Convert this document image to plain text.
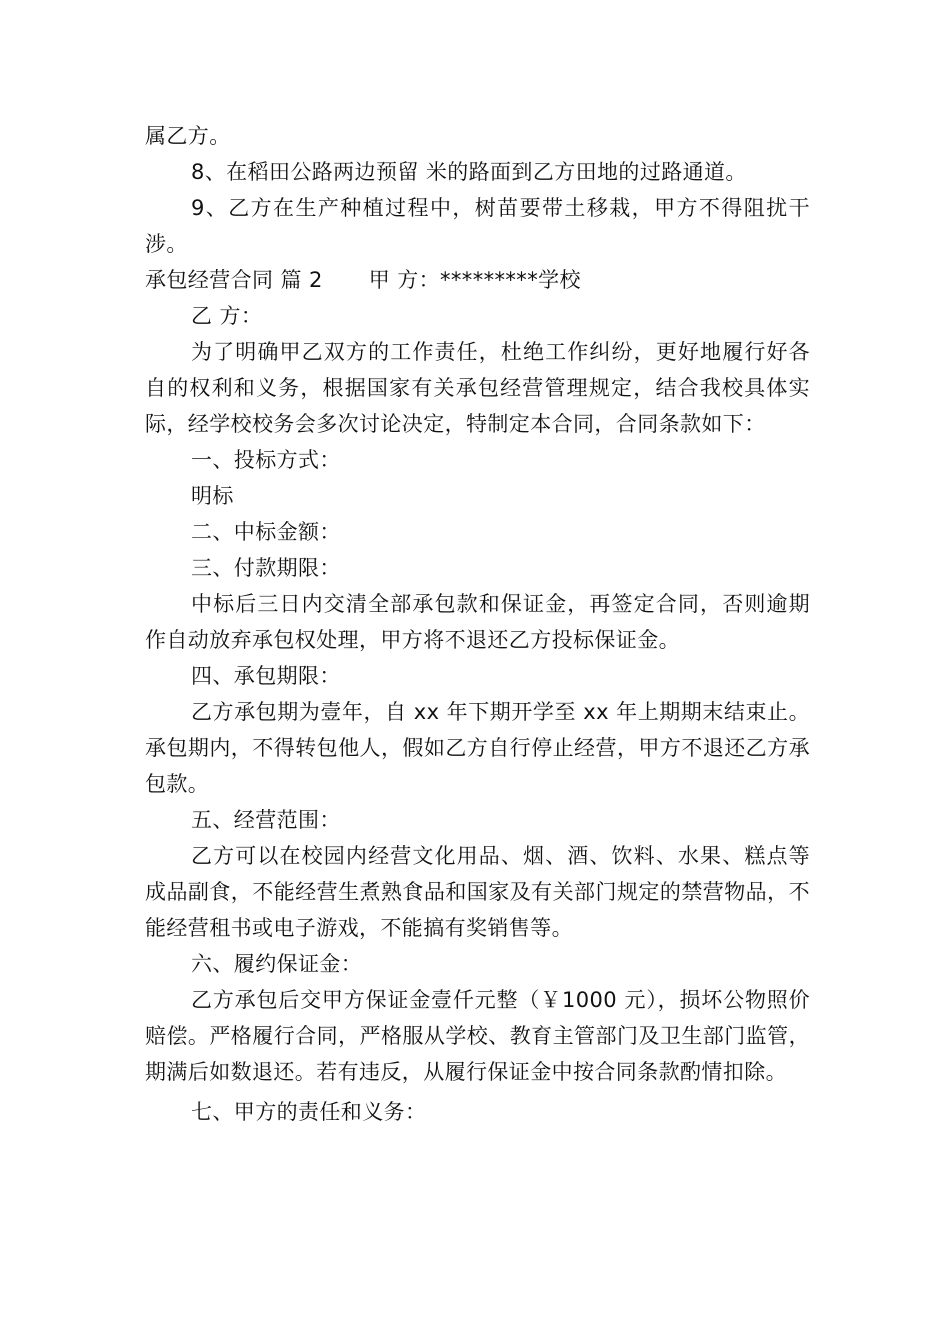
属乙方。

8、在稻田公路两边预留 米的路面到乙方田地的过路通道。

9、乙方在生产种植过程中，树苗要带土移栽，甲方不得阻扰干涉。

承包经营合同 篇 2 甲 方：*********学校

乙 方：

为了明确甲乙双方的工作责任，杜绝工作纠纷，更好地履行好各自的权利和义务，根据国家有关承包经营管理规定，结合我校具体实际，经学校校务会多次讨论决定，特制定本合同，合同条款如下：

一、投标方式：

明标

二、中标金额：

三、付款期限：

中标后三日内交清全部承包款和保证金，再签定合同，否则逾期作自动放弃承包权处理，甲方将不退还乙方投标保证金。

四、承包期限：

乙方承包期为壹年，自 xx 年下期开学至 xx 年上期期末结束止。承包期内，不得转包他人，假如乙方自行停止经营，甲方不退还乙方承包款。

五、经营范围：

乙方可以在校园内经营文化用品、烟、酒、饮料、水果、糕点等成品副食，不能经营生煮熟食品和国家及有关部门规定的禁营物品，不能经营租书或电子游戏，不能搞有奖销售等。

六、履约保证金：

乙方承包后交甲方保证金壹仟元整（￥1000 元），损坏公物照价赔偿。严格履行合同，严格服从学校、教育主管部门及卫生部门监管，期满后如数退还。若有违反，从履行保证金中按合同条款酌情扣除。

七、甲方的责任和义务：
